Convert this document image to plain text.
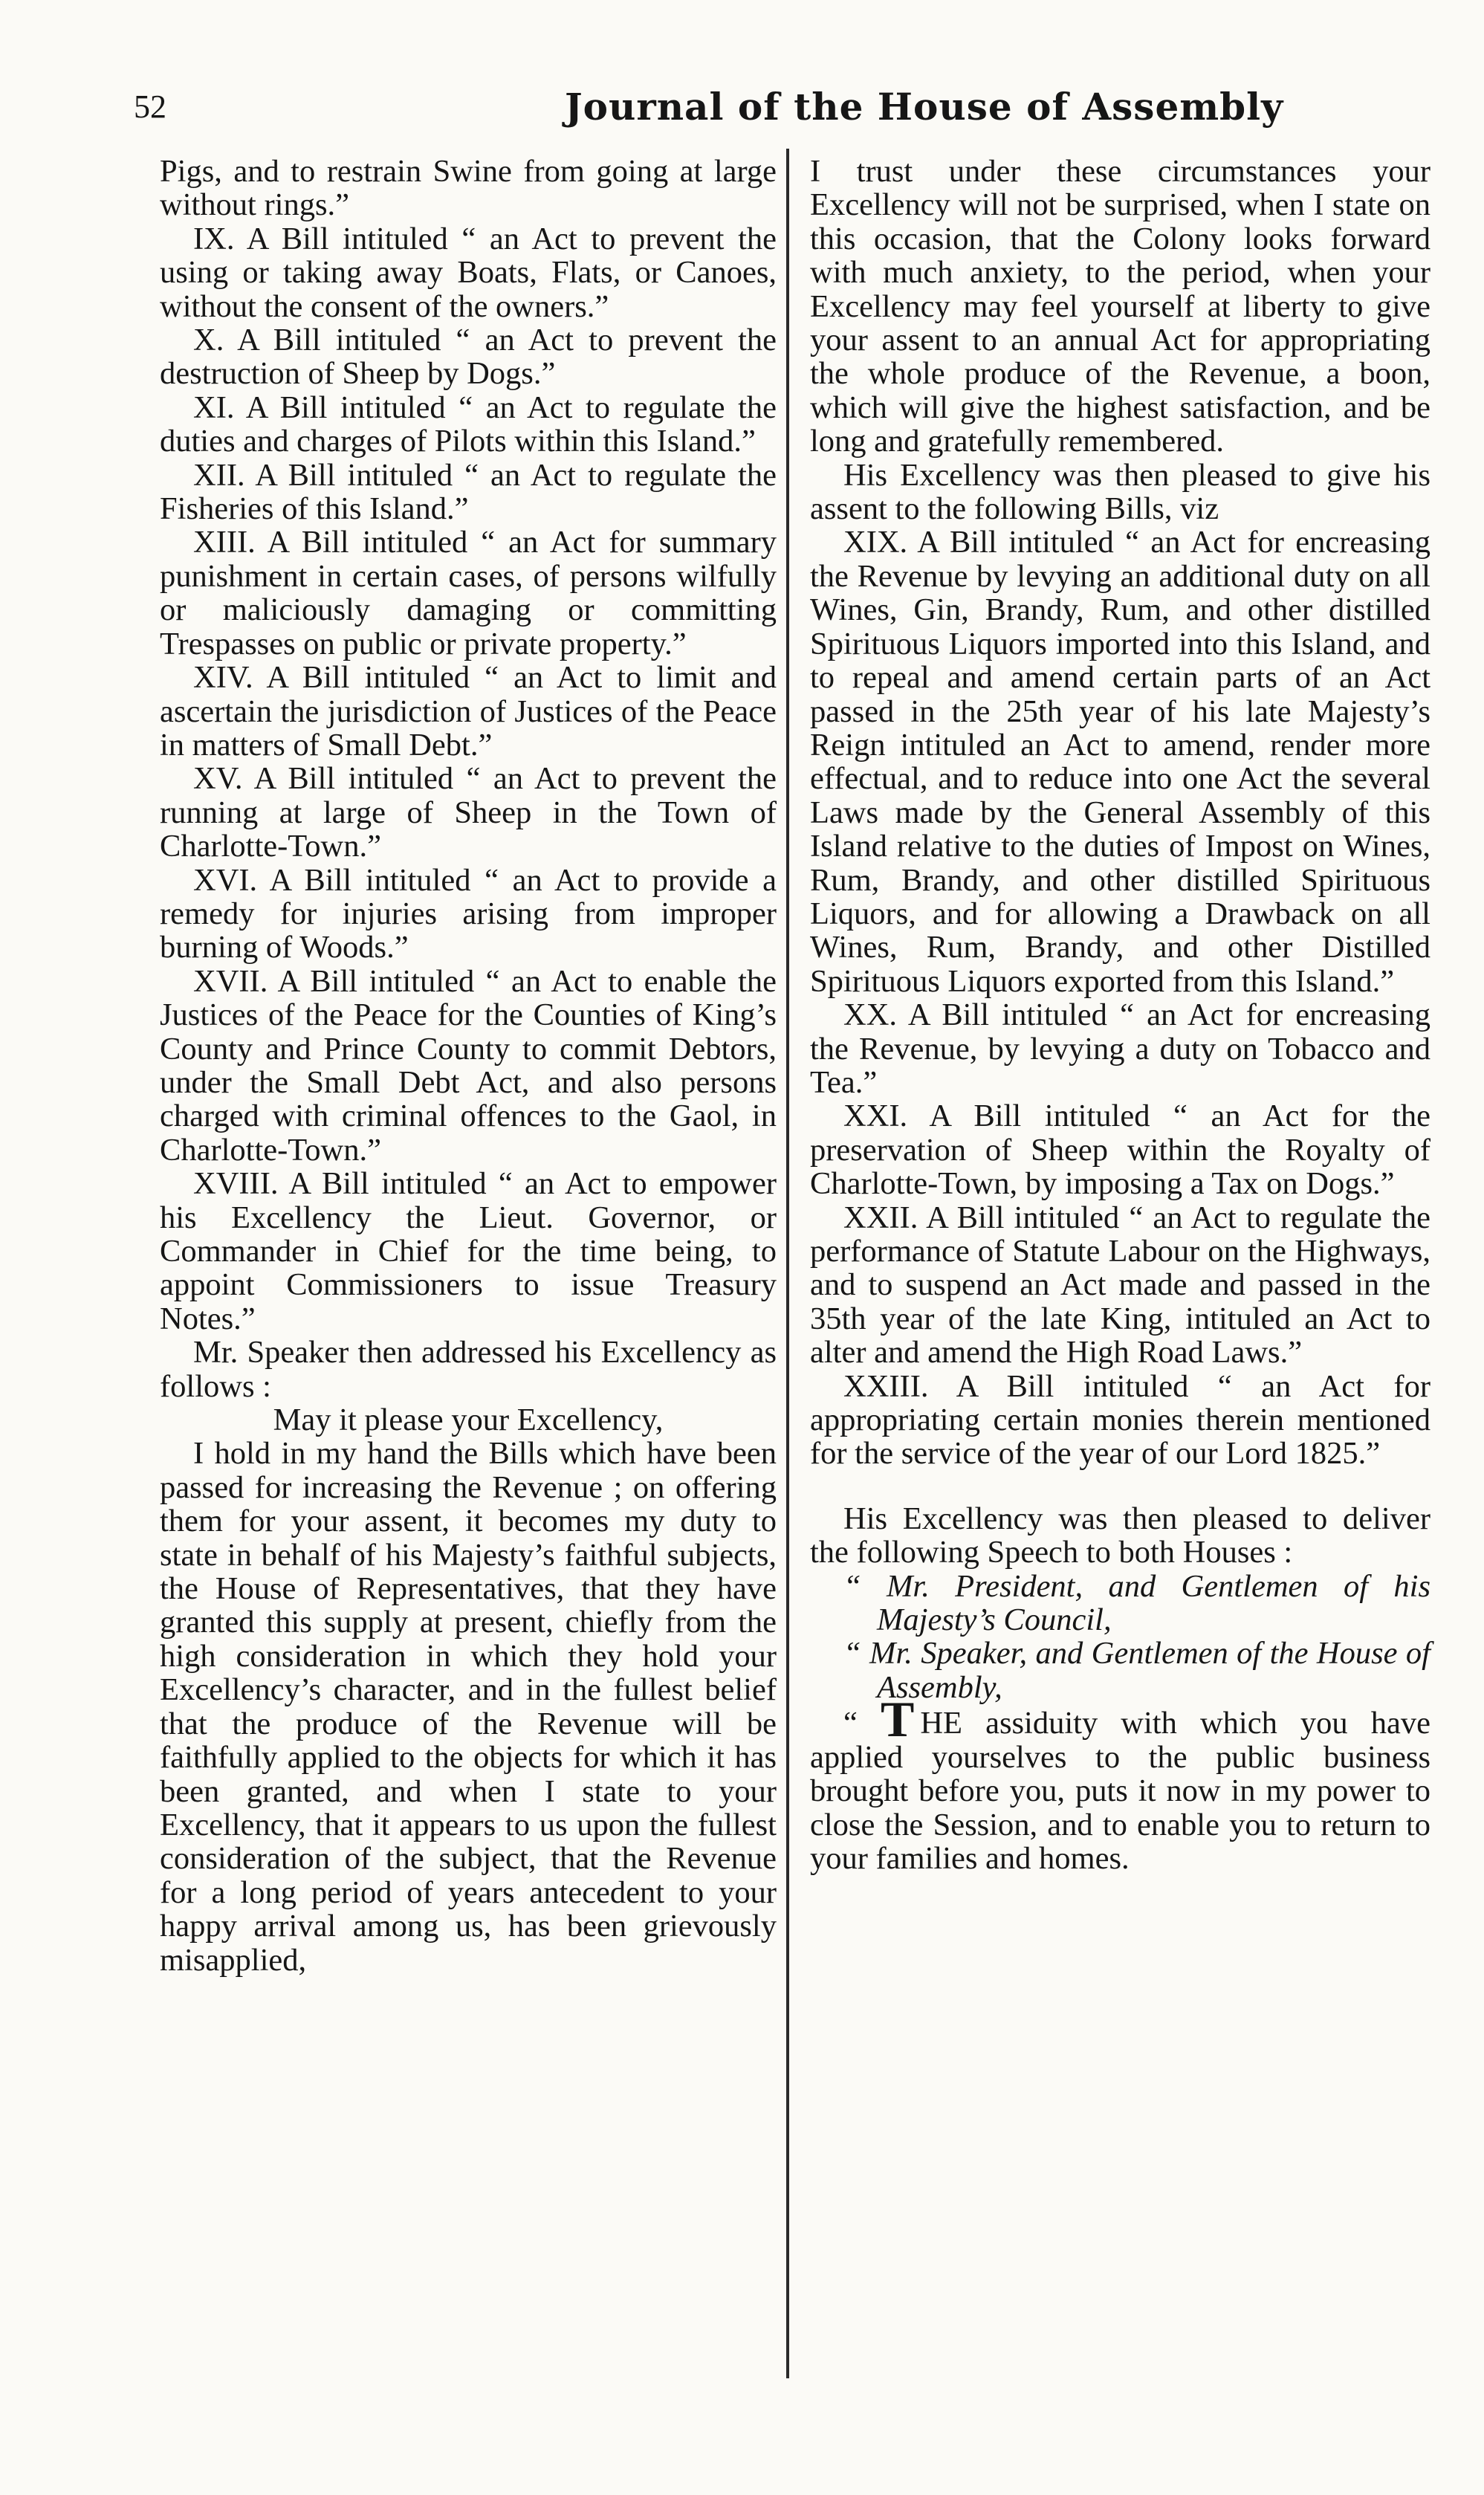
52	Journal of the House of Assembly

Pigs, and to restrain Swine from going at large without rings.”

IX. A Bill intituled “ an Act to prevent the using or taking away Boats, Flats, or Canoes, without the consent of the owners.”

X. A Bill intituled “ an Act to prevent the destruction of Sheep by Dogs.”

XI. A Bill intituled “ an Act to regulate the duties and charges of Pilots within this Island.”

XII. A Bill intituled “ an Act to regulate the Fisheries of this Island.”

XIII. A Bill intituled “ an Act for summary punishment in certain cases, of persons wilfully or maliciously damaging or committing Trespasses on public or private property.”

XIV. A Bill intituled “ an Act to limit and ascertain the jurisdiction of Justices of the Peace in matters of Small Debt.”

XV. A Bill intituled “ an Act to prevent the running at large of Sheep in the Town of Charlotte-Town.”

XVI. A Bill intituled “ an Act to provide a remedy for injuries arising from improper burning of Woods.”

XVII. A Bill intituled “ an Act to enable the Justices of the Peace for the Counties of King’s County and Prince County to commit Debtors, under the Small Debt Act, and also persons charged with criminal offences to the Gaol, in Charlotte-Town.”

XVIII. A Bill intituled “ an Act to empower his Excellency the Lieut. Governor, or Commander in Chief for the time being, to appoint Commissioners to issue Treasury Notes.”

Mr. Speaker then addressed his Excellency as follows :

May it please your Excellency,

I hold in my hand the Bills which have been passed for increasing the Revenue ; on offering them for your assent, it becomes my duty to state in behalf of his Majesty’s faithful subjects, the House of Representatives, that they have granted this supply at present, chiefly from the high consideration in which they hold your Excellency’s character, and in the fullest belief that the produce of the Revenue will be faithfully applied to the objects for which it has been granted, and when I state to your Excellency, that it appears to us upon the fullest consideration of the subject, that the Revenue for a long period of years antecedent to your happy arrival among us, has been grievously misapplied,

I trust under these circumstances your Excellency will not be surprised, when I state on this occasion, that the Colony looks forward with much anxiety, to the period, when your Excellency may feel yourself at liberty to give your assent to an annual Act for appropriating the whole produce of the Revenue, a boon, which will give the highest satisfaction, and be long and gratefully remembered.

His Excellency was then pleased to give his assent to the following Bills, viz

XIX. A Bill intituled “ an Act for encreasing the Revenue by levying an additional duty on all Wines, Gin, Brandy, Rum, and other distilled Spirituous Liquors imported into this Island, and to repeal and amend certain parts of an Act passed in the 25th year of his late Majesty’s Reign intituled an Act to amend, render more effectual, and to reduce into one Act the several Laws made by the General Assembly of this Island relative to the duties of Impost on Wines, Rum, Brandy, and other distilled Spirituous Liquors, and for allowing a Drawback on all Wines, Rum, Brandy, and other Distilled Spirituous Liquors exported from this Island.”

XX. A Bill intituled “ an Act for encreasing the Revenue, by levying a duty on Tobacco and Tea.”

XXI. A Bill intituled “ an Act for the preservation of Sheep within the Royalty of Charlotte-Town, by imposing a Tax on Dogs.”

XXII. A Bill intituled “ an Act to regulate the performance of Statute Labour on the Highways, and to suspend an Act made and passed in the 35th year of the late King, intituled an Act to alter and amend the High Road Laws.”

XXIII. A Bill intituled “ an Act for appropriating certain monies therein mentioned for the service of the year of our Lord 1825.”

His Excellency was then pleased to deliver the following Speech to both Houses :

“ Mr. President, and Gentlemen of his Majesty’s Council,

“ Mr. Speaker, and Gentlemen of the House of Assembly,

“ T HE assiduity with which you have applied yourselves to the public business brought before you, puts it now in my power to close the Session, and to enable you to return to your families and homes.
